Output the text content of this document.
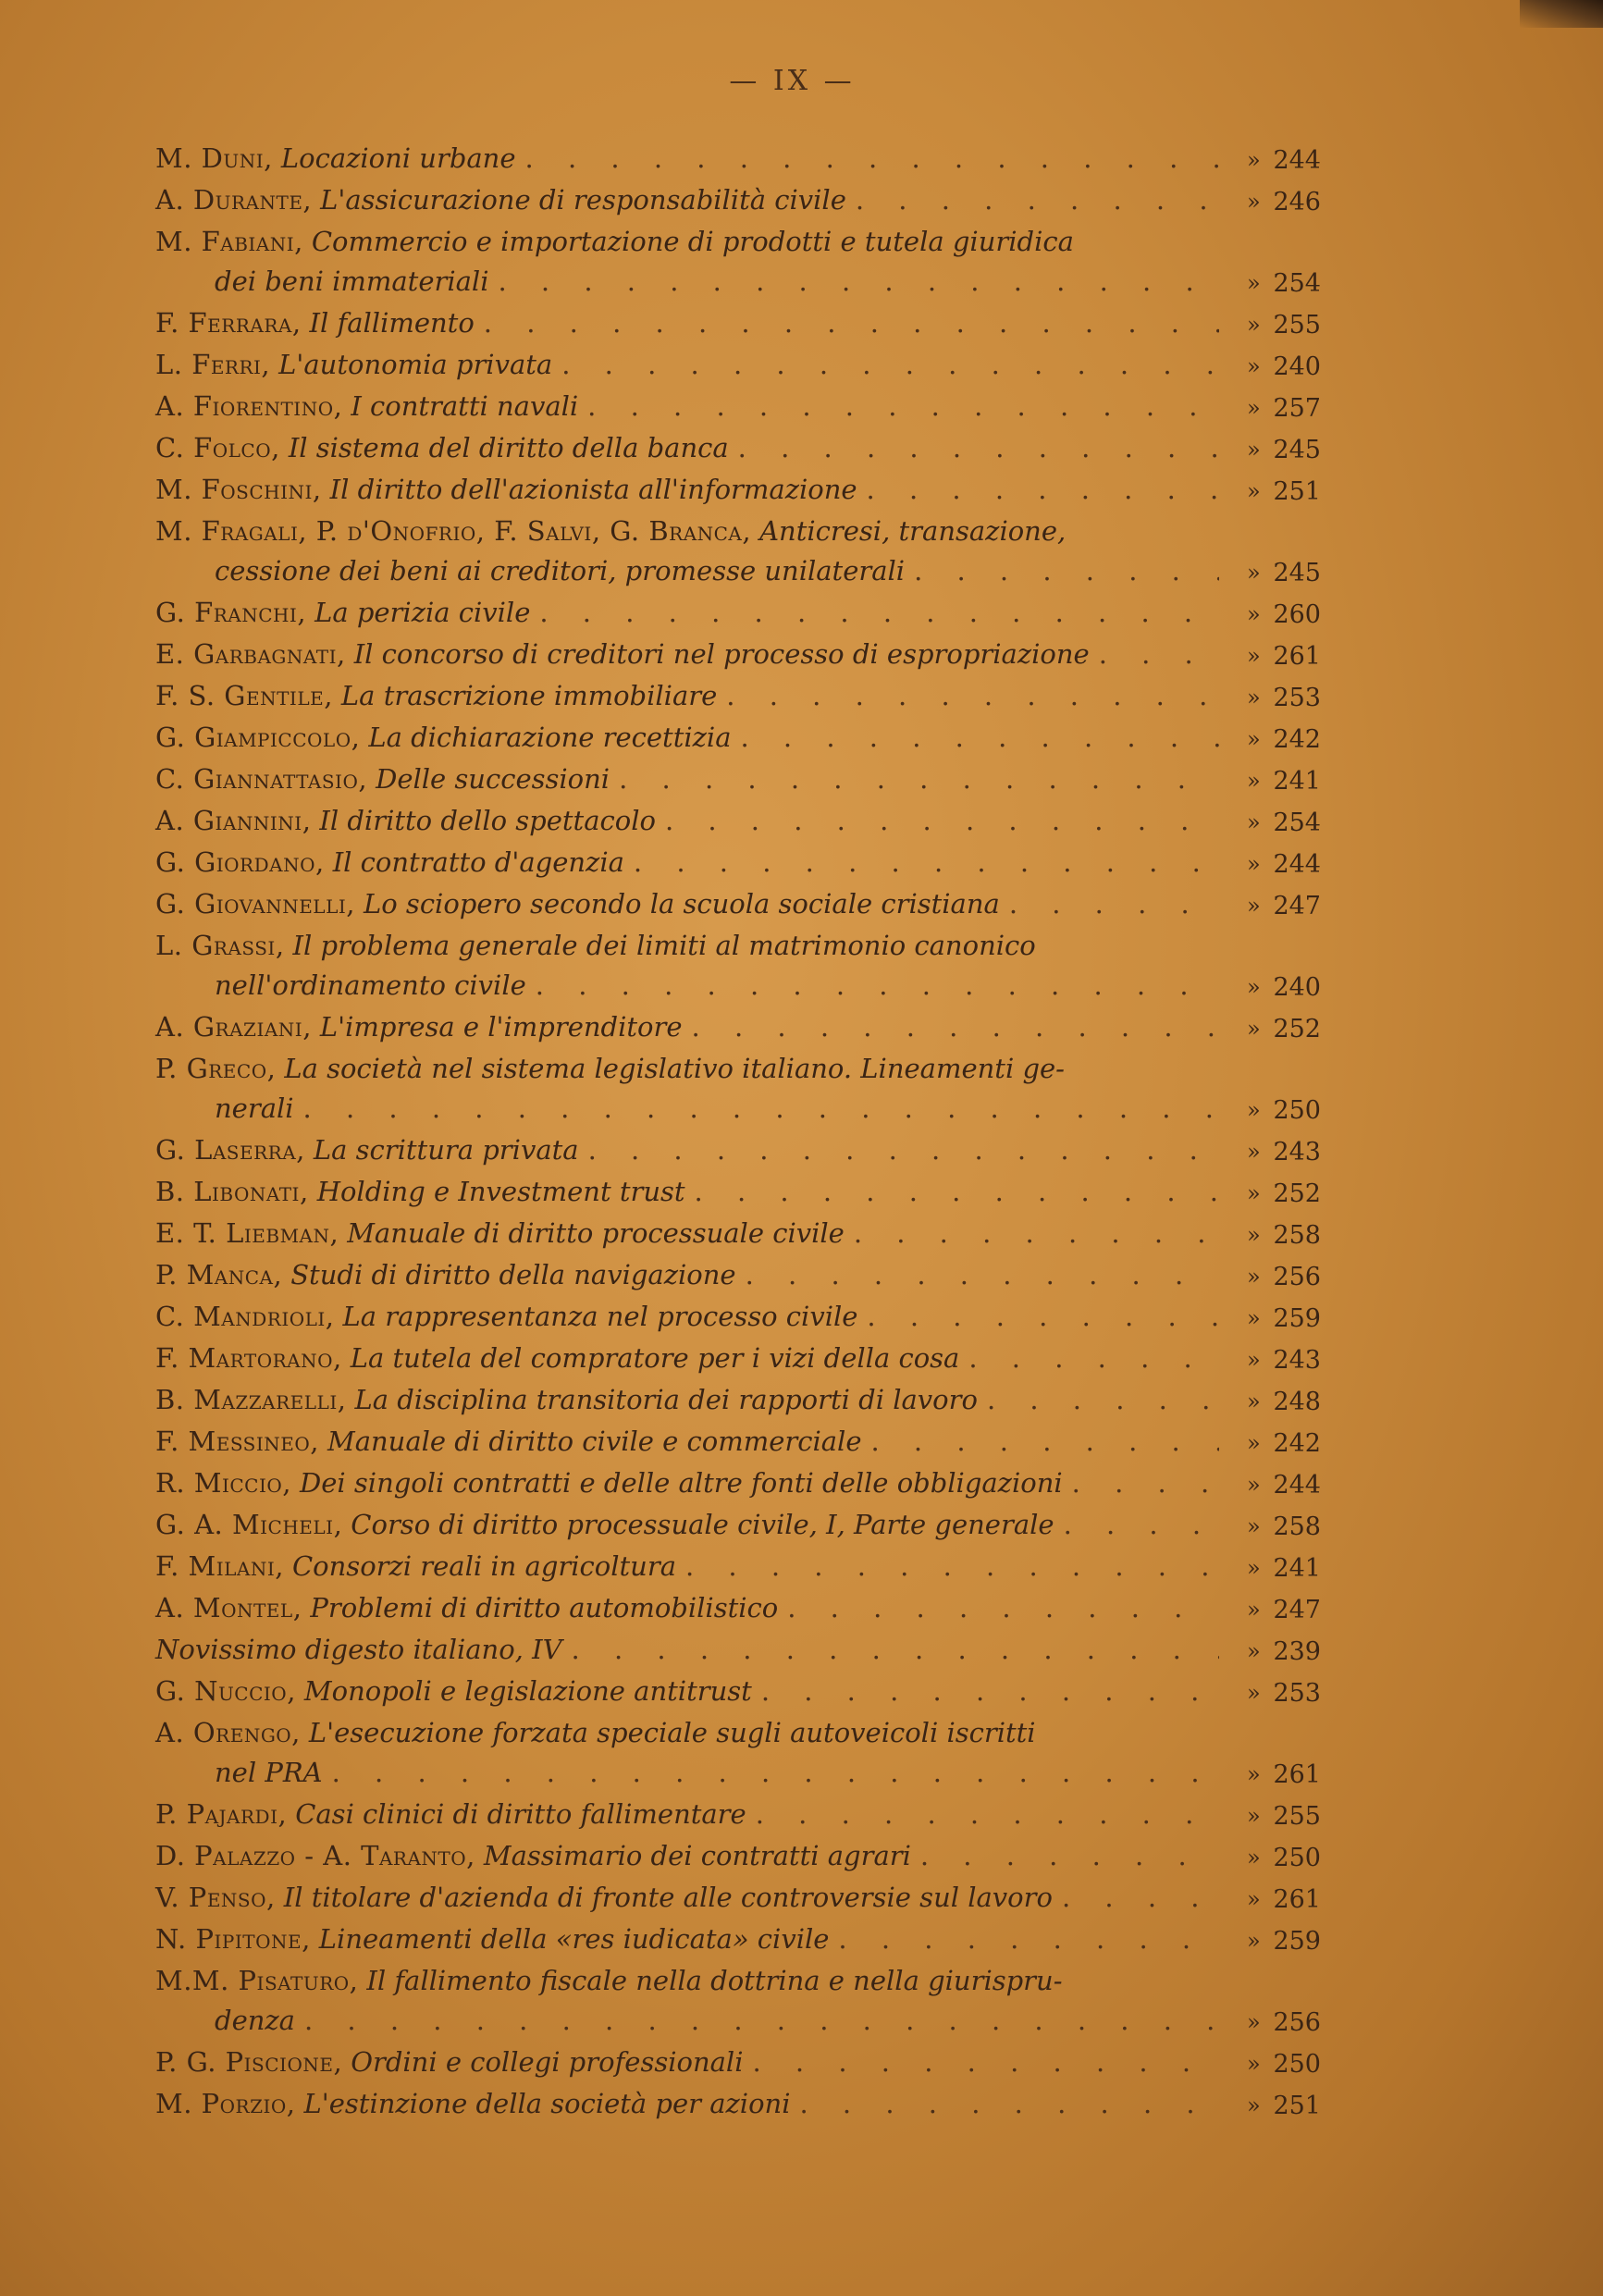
— IX —
M. Duni, Locazioni urbane . . .	» 244
A. Durante, L'assicurazione di responsabilità civile . . .	» 246
M. Fabiani, Commercio e importazione di prodotti e tutela giuridica
dei beni immateriali . . .	» 254
F. Ferrara, Il fallimento . . .	» 255
L. Ferri, L'autonomia privata . . .	» 240
A. Fiorentino, I contratti navali . . .	» 257
C. Folco, Il sistema del diritto della banca . . .	» 245
M. Foschini, Il diritto dell'azionista all'informazione . . .	» 251
M. Fragali, P. d'Onofrio, F. Salvi, G. Branca, Anticresi, transazione,
cessione dei beni ai creditori, promesse unilaterali . . .	» 245
G. Franchi, La perizia civile . . .	» 260
E. Garbagnati, Il concorso di creditori nel processo di espropriazione . . .	» 261
F. S. Gentile, La trascrizione immobiliare . . .	» 253
G. Giampiccolo, La dichiarazione recettizia . . .	» 242
C. Giannattasio, Delle successioni . . .	» 241
A. Giannini, Il diritto dello spettacolo . . .	» 254
G. Giordano, Il contratto d'agenzia . . .	» 244
G. Giovannelli, Lo sciopero secondo la scuola sociale cristiana . . .	» 247
L. Grassi, Il problema generale dei limiti al matrimonio canonico
nell'ordinamento civile . . .	» 240
A. Graziani, L'impresa e l'imprenditore . . .	» 252
P. Greco, La società nel sistema legislativo italiano. Lineamenti ge-
nerali . . .	» 250
G. Laserra, La scrittura privata . . .	» 243
B. Libonati, Holding e Investment trust . . .	» 252
E. T. Liebman, Manuale di diritto processuale civile . . .	» 258
P. Manca, Studi di diritto della navigazione . . .	» 256
C. Mandrioli, La rappresentanza nel processo civile . . .	» 259
F. Martorano, La tutela del compratore per i vizi della cosa . . .	» 243
B. Mazzarelli, La disciplina transitoria dei rapporti di lavoro . . .	» 248
F. Messineo, Manuale di diritto civile e commerciale . . .	» 242
R. Miccio, Dei singoli contratti e delle altre fonti delle obbligazioni . . .	» 244
G. A. Micheli, Corso di diritto processuale civile, I, Parte generale . . .	» 258
F. Milani, Consorzi reali in agricoltura . . .	» 241
A. Montel, Problemi di diritto automobilistico . . .	» 247
Novissimo digesto italiano, IV . . .	» 239
G. Nuccio, Monopoli e legislazione antitrust . . .	» 253
A. Orengo, L'esecuzione forzata speciale sugli autoveicoli iscritti
nel PRA . . .	» 261
P. Pajardi, Casi clinici di diritto fallimentare . . .	» 255
D. Palazzo - A. Taranto, Massimario dei contratti agrari . . .	» 250
V. Penso, Il titolare d'azienda di fronte alle controversie sul lavoro . . .	» 261
N. Pipitone, Lineamenti della «res iudicata» civile . . .	» 259
M.M. Pisaturo, Il fallimento fiscale nella dottrina e nella giurispru-
denza . . .	» 256
P. G. Piscione, Ordini e collegi professionali . . .	» 250
M. Porzio, L'estinzione della società per azioni . . .	» 251
